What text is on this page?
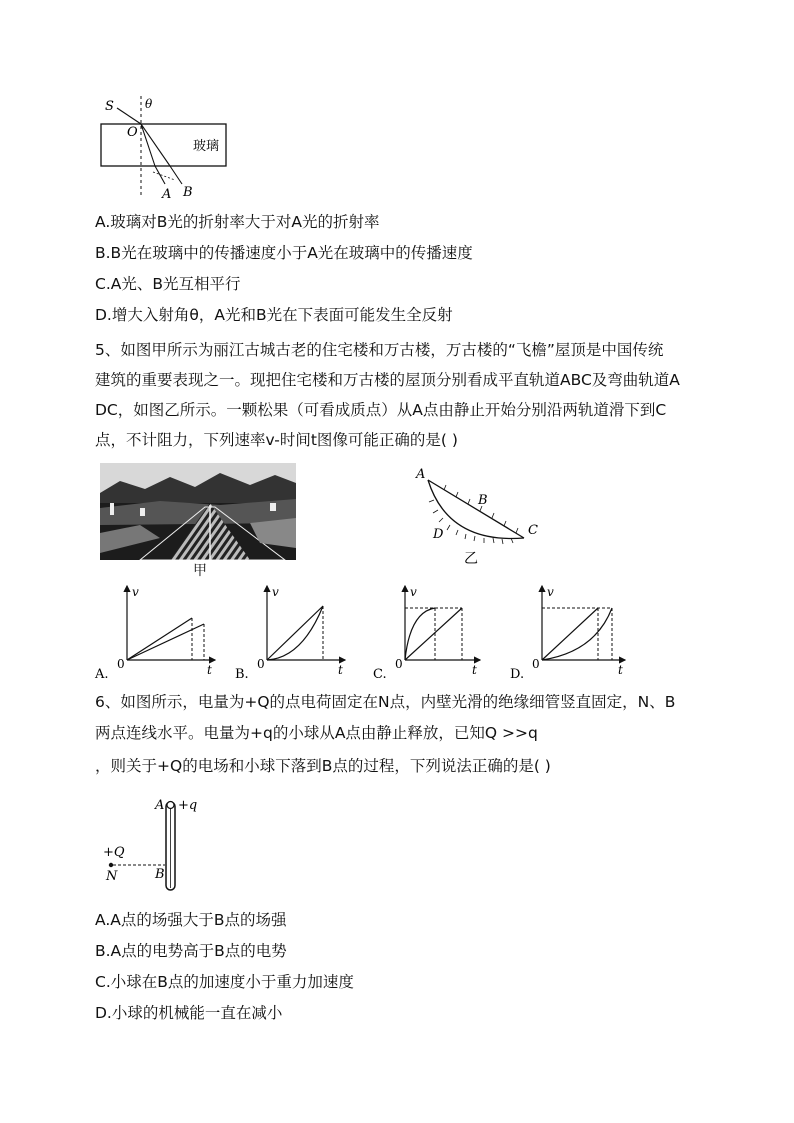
S	θ
O
玻璃
A B
A.玻璃对B光的折射率大于对A光的折射率
B.B光在玻璃中的传播速度小于A光在玻璃中的传播速度
C.A光、B光互相平行
D.增大入射角θ，A光和B光在下表面可能发生全反射
5、如图甲所示为丽江古城古老的住宅楼和万古楼，万古楼的“飞檐”屋顶是中国传统
建筑的重要表现之一。现把住宅楼和万古楼的屋顶分别看成平直轨道ABC及弯曲轨道A
DC，如图乙所示。一颗松果（可看成质点）从A点由静止开始分别沿两轨道滑下到C
点，不计阻力，下列速率v-时间t图像可能正确的是( )
甲
A
B
C
D
乙
v
t
0
A.
v
t
0
B.
v
t
0
C.
v
t
0
D.
6、如图所示，电量为+Q的点电荷固定在N点，内壁光滑的绝缘细管竖直固定，N、B
两点连线水平。电量为+q的小球从A点由静止释放，已知Q >>q
，则关于+Q的电场和小球下落到B点的过程，下列说法正确的是( )
A +q
+Q
N	B
A.A点的场强大于B点的场强
B.A点的电势高于B点的电势
C.小球在B点的加速度小于重力加速度
D.小球的机械能一直在减小
